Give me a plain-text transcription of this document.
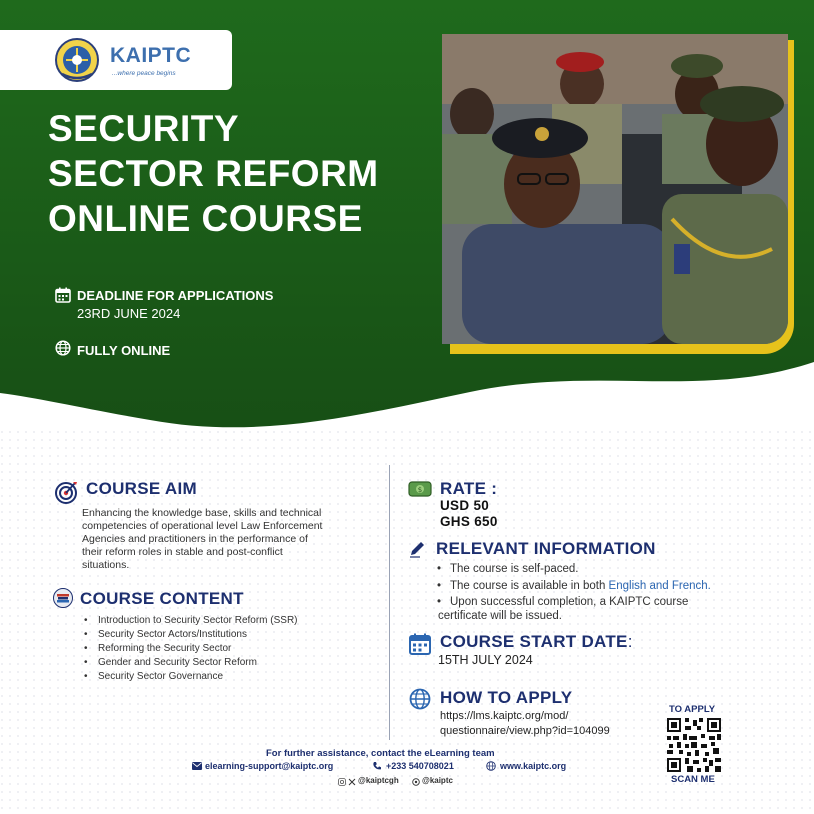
KAIPTC
...where peace begins
SECURITY
SECTOR REFORM
ONLINE COURSE
DEADLINE FOR APPLICATIONS
23RD JUNE 2024
FULLY ONLINE
COURSE AIM
Enhancing the knowledge base, skills and technical
competencies of operational level Law Enforcement
Agencies and practitioners in the performance of
their reform roles in stable and post-conflict
situations.
COURSE CONTENT
• Introduction to Security Sector Reform (SSR)
• Security Sector Actors/Institutions
• Reforming the Security Sector
• Gender and Security Sector Reform
• Security Sector Governance
$ RATE :
USD 50
GHS 650
RELEVANT INFORMATION
• The course is self-paced.
• The course is available in both English and French.
• Upon successful completion, a KAIPTC course
certificate will be issued.
COURSE START DATE:
15TH JULY 2024
HOW TO APPLY
https://lms.kaiptc.org/mod/
questionnaire/view.php?id=104099
TO APPLY
SCAN ME
For further assistance, contact the eLearning team
elearning-support@kaiptc.org	+233 540708021	www.kaiptc.org
@kaiptcgh	@kaiptc
